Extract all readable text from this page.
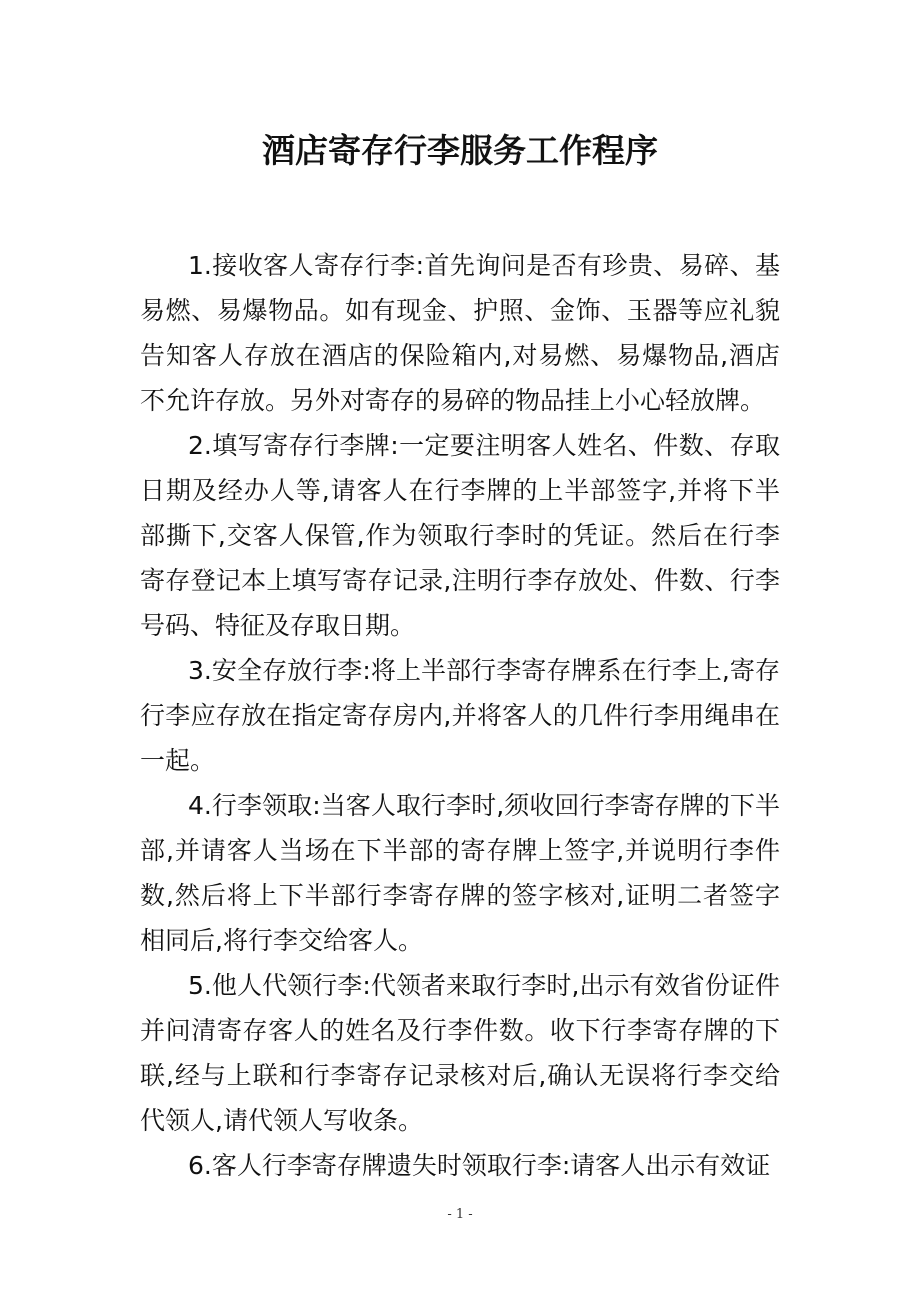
酒店寄存行李服务工作程序

1.接收客人寄存行李:首先询问是否有珍贵、易碎、基易燃、易爆物品。如有现金、护照、金饰、玉器等应礼貌告知客人存放在酒店的保险箱内,对易燃、易爆物品,酒店不允许存放。另外对寄存的易碎的物品挂上小心轻放牌。

2.填写寄存行李牌:一定要注明客人姓名、件数、存取日期及经办人等,请客人在行李牌的上半部签字,并将下半部撕下,交客人保管,作为领取行李时的凭证。然后在行李寄存登记本上填写寄存记录,注明行李存放处、件数、行李号码、特征及存取日期。

3.安全存放行李:将上半部行李寄存牌系在行李上,寄存行李应存放在指定寄存房内,并将客人的几件行李用绳串在一起。

4.行李领取:当客人取行李时,须收回行李寄存牌的下半部,并请客人当场在下半部的寄存牌上签字,并说明行李件数,然后将上下半部行李寄存牌的签字核对,证明二者签字相同后,将行李交给客人。

5.他人代领行李:代领者来取行李时,出示有效省份证件并问清寄存客人的姓名及行李件数。收下行李寄存牌的下联,经与上联和行李寄存记录核对后,确认无误将行李交给代领人,请代领人写收条。

6.客人行李寄存牌遗失时领取行李:请客人出示有效证

- 1 -
